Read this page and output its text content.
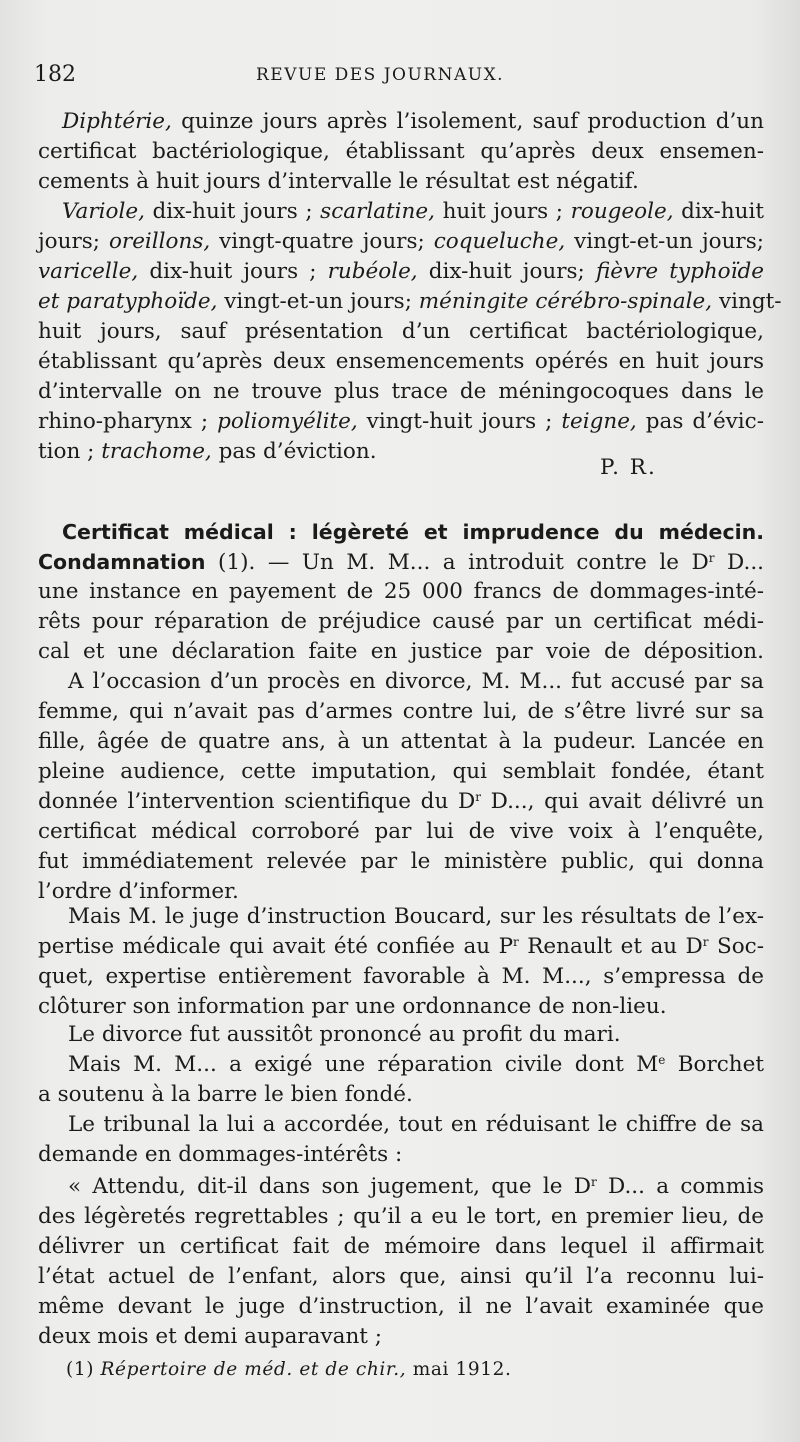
182	REVUE DES JOURNAUX.
Diphtérie, quinze jours après l’isolement, sauf production d’un
certificat bactériologique, établissant qu’après deux ensemen-
cements à huit jours d’intervalle le résultat est négatif.
Variole, dix-huit jours ; scarlatine, huit jours ; rougeole, dix-huit
jours; oreillons, vingt-quatre jours; coqueluche, vingt-et-un jours;
varicelle, dix-huit jours ; rubéole, dix-huit jours; fièvre typhoïde
et paratyphoïde, vingt-et-un jours; méningite cérébro-spinale, vingt-
huit jours, sauf présentation d’un certificat bactériologique,
établissant qu’après deux ensemencements opérés en huit jours
d’intervalle on ne trouve plus trace de méningocoques dans le
rhino-pharynx ; poliomyélite, vingt-huit jours ; teigne, pas d’évic-
tion ; trachome, pas d’éviction.
P. R.
Certificat médical : légèreté et imprudence du médecin.
Condamnation (1). — Un M. M... a introduit contre le $D^r$ D...
une instance en payement de 25 000 francs de dommages-inté-
rêts pour réparation de préjudice causé par un certificat médi-
cal et une déclaration faite en justice par voie de déposition.
A l’occasion d’un procès en divorce, M. M... fut accusé par sa
femme, qui n’avait pas d’armes contre lui, de s’être livré sur sa
fille, âgée de quatre ans, à un attentat à la pudeur. Lancée en
pleine audience, cette imputation, qui semblait fondée, étant
donnée l’intervention scientifique du $D^r$ D..., qui avait délivré un
certificat médical corroboré par lui de vive voix à l’enquête,
fut immédiatement relevée par le ministère public, qui donna
l’ordre d’informer.
Mais M. le juge d’instruction Boucard, sur les résultats de l’ex-
pertise médicale qui avait été confiée au $P^r$ Renault et au $D^r$ Soc-
quet, expertise entièrement favorable à M. M..., s’empressa de
clôturer son information par une ordonnance de non-lieu.
Le divorce fut aussitôt prononcé au profit du mari.
Mais M. M... a exigé une réparation civile dont Me Borchet
a soutenu à la barre le bien fondé.
Le tribunal la lui a accordée, tout en réduisant le chiffre de sa
demande en dommages-intérêts :
« Attendu, dit-il dans son jugement, que le $D^r$ D... a commis
des légèretés regrettables ; qu’il a eu le tort, en premier lieu, de
délivrer un certificat fait de mémoire dans lequel il affirmait
l’état actuel de l’enfant, alors que, ainsi qu’il l’a reconnu lui-
même devant le juge d’instruction, il ne l’avait examinée que
deux mois et demi auparavant ;
(1) Répertoire de méd. et de chir., mai 1912.
